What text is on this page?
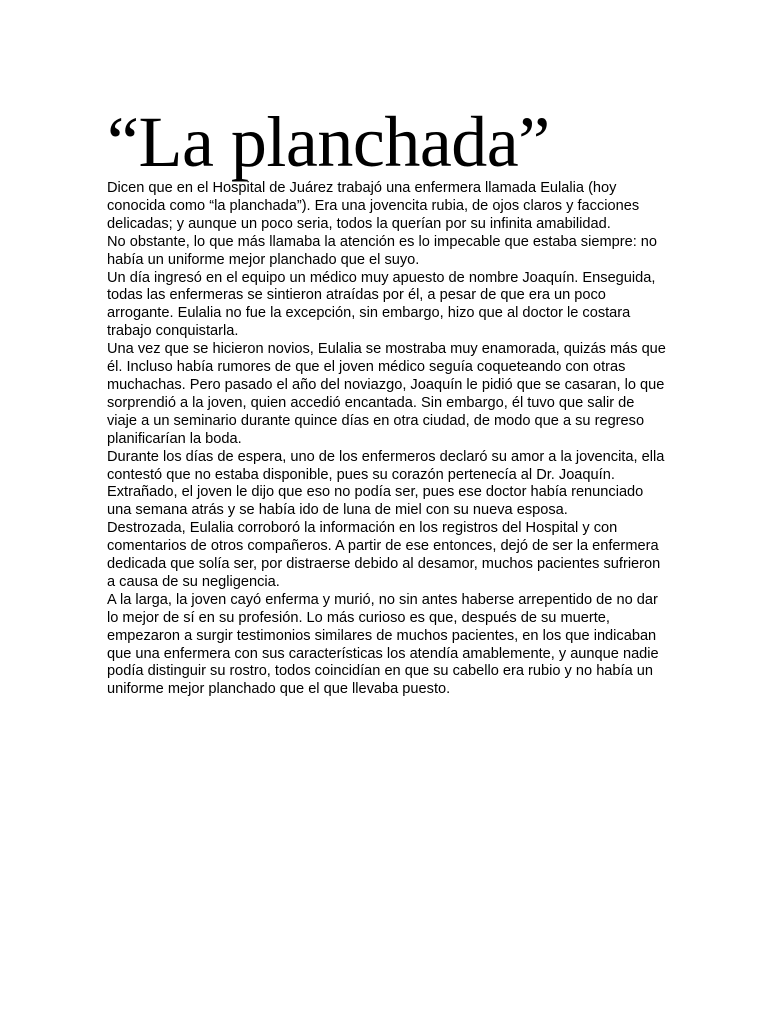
“La planchada”

Dicen que en el Hospital de Juárez trabajó una enfermera llamada Eulalia (hoy conocida como “la planchada”). Era una jovencita rubia, de ojos claros y facciones delicadas; y aunque un poco seria, todos la querían por su infinita amabilidad.

No obstante, lo que más llamaba la atención es lo impecable que estaba siempre: no había un uniforme mejor planchado que el suyo.

Un día ingresó en el equipo un médico muy apuesto de nombre Joaquín. Enseguida, todas las enfermeras se sintieron atraídas por él, a pesar de que era un poco arrogante. Eulalia no fue la excepción, sin embargo, hizo que al doctor le costara trabajo conquistarla.

Una vez que se hicieron novios, Eulalia se mostraba muy enamorada, quizás más que él. Incluso había rumores de que el joven médico seguía coqueteando con otras muchachas. Pero pasado el año del noviazgo, Joaquín le pidió que se casaran, lo que sorprendió a la joven, quien accedió encantada. Sin embargo, él tuvo que salir de viaje a un seminario durante quince días en otra ciudad, de modo que a su regreso planificarían la boda.

Durante los días de espera, uno de los enfermeros declaró su amor a la jovencita, ella contestó que no estaba disponible, pues su corazón pertenecía al Dr. Joaquín. Extrañado, el joven le dijo que eso no podía ser, pues ese doctor había renunciado una semana atrás y se había ido de luna de miel con su nueva esposa.

Destrozada, Eulalia corroboró la información en los registros del Hospital y con comentarios de otros compañeros. A partir de ese entonces, dejó de ser la enfermera dedicada que solía ser, por distraerse debido al desamor, muchos pacientes sufrieron a causa de su negligencia.

A la larga, la joven cayó enferma y murió, no sin antes haberse arrepentido de no dar lo mejor de sí en su profesión. Lo más curioso es que, después de su muerte, empezaron a surgir testimonios similares de muchos pacientes, en los que indicaban que una enfermera con sus características los atendía amablemente, y aunque nadie podía distinguir su rostro, todos coincidían en que su cabello era rubio y no había un uniforme mejor planchado que el que llevaba puesto.
